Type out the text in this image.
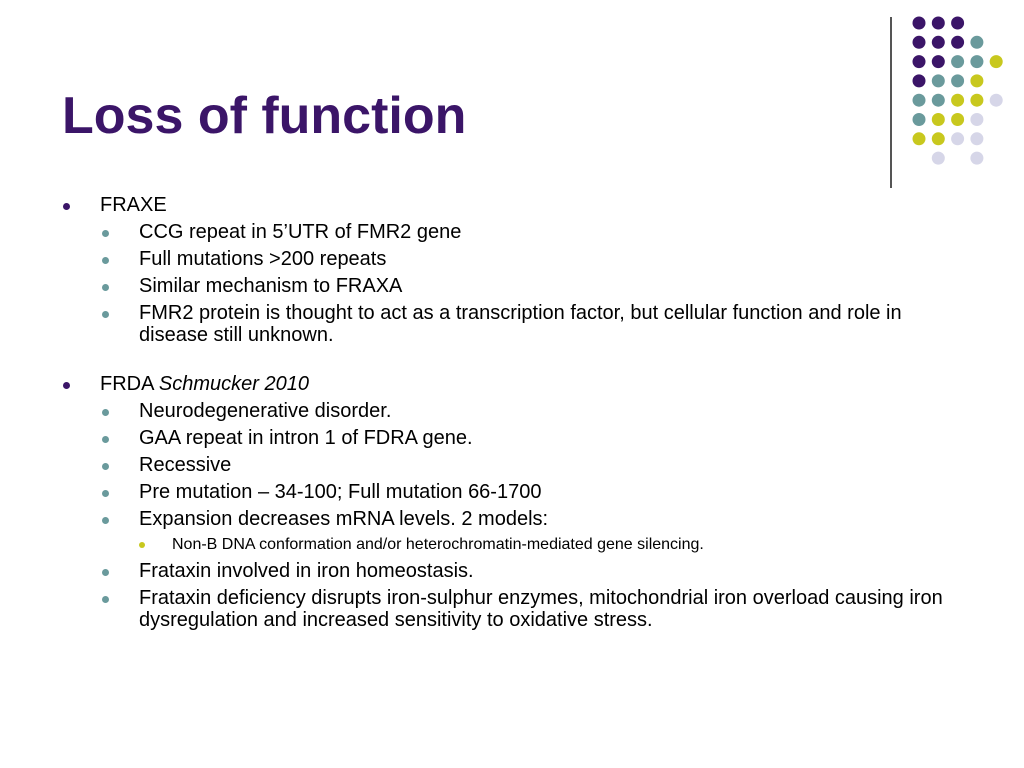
Loss of function
FRAXE
CCG repeat in 5’UTR of FMR2 gene
Full mutations >200 repeats
Similar mechanism to FRAXA
FMR2 protein is thought to act as a transcription factor, but cellular function and role in disease still unknown.
FRDA Schmucker 2010
Neurodegenerative disorder.
GAA repeat in intron 1 of FDRA gene.
Recessive
Pre mutation – 34-100; Full mutation 66-1700
Expansion decreases mRNA levels. 2 models:
Non-B DNA conformation and/or heterochromatin-mediated gene silencing.
Frataxin involved in iron homeostasis.
Frataxin deficiency disrupts iron-sulphur enzymes, mitochondrial iron overload causing iron dysregulation and increased sensitivity to oxidative stress.
